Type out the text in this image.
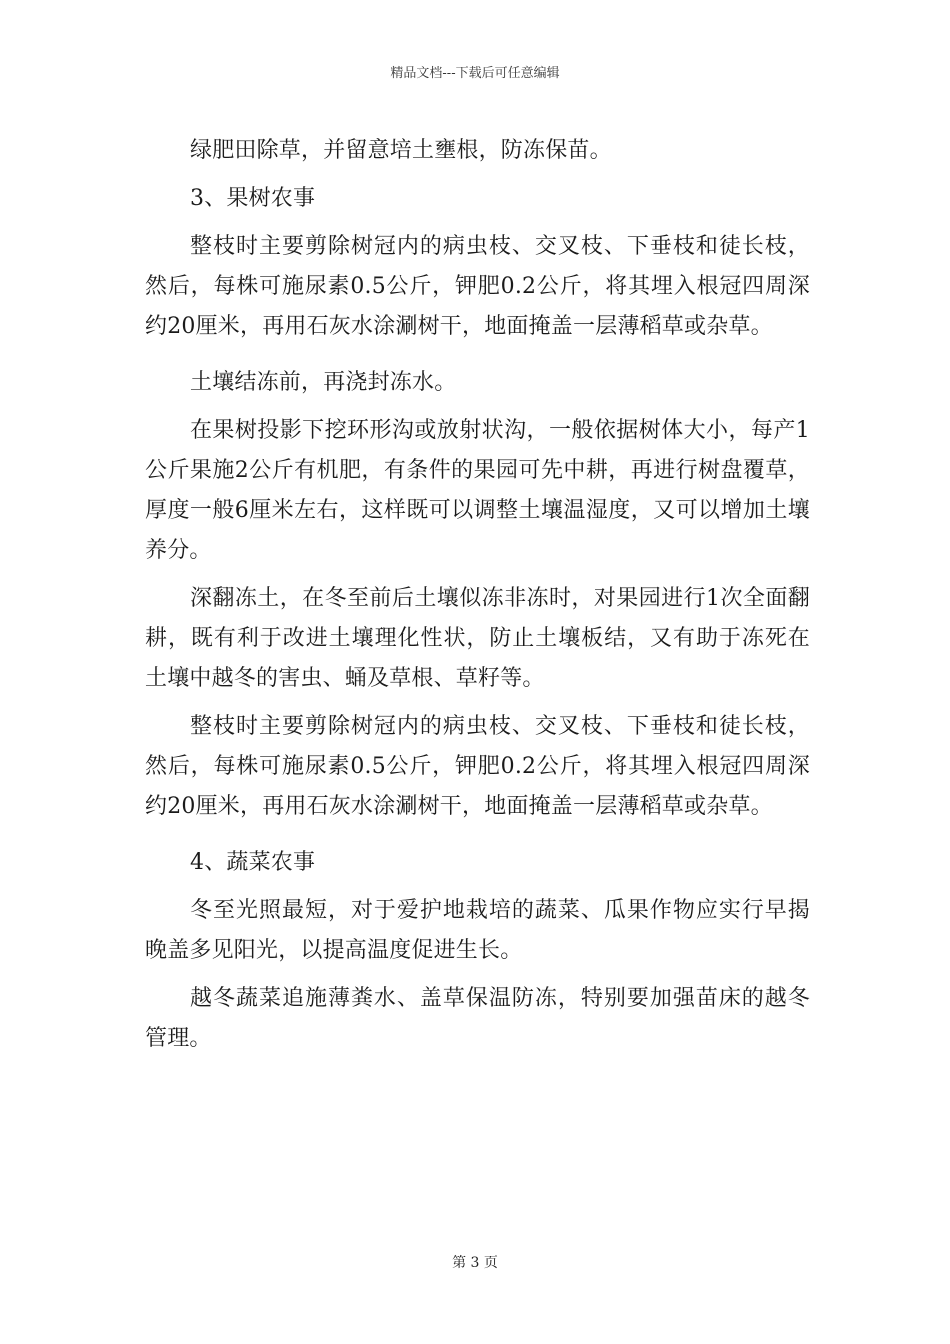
精品文档---下载后可任意编辑

绿肥田除草，并留意培土壅根，防冻保苗。

3、果树农事

整枝时主要剪除树冠内的病虫枝、交叉枝、下垂枝和徒长枝，然后，每株可施尿素0.5公斤，钾肥0.2公斤，将其埋入根冠四周深约20厘米，再用石灰水涂涮树干，地面掩盖一层薄稻草或杂草。

土壤结冻前，再浇封冻水。

在果树投影下挖环形沟或放射状沟，一般依据树体大小，每产1公斤果施2公斤有机肥，有条件的果园可先中耕，再进行树盘覆草，厚度一般6厘米左右，这样既可以调整土壤温湿度，又可以增加土壤养分。

深翻冻土，在冬至前后土壤似冻非冻时，对果园进行1次全面翻耕，既有利于改进土壤理化性状，防止土壤板结，又有助于冻死在土壤中越冬的害虫、蛹及草根、草籽等。

整枝时主要剪除树冠内的病虫枝、交叉枝、下垂枝和徒长枝，然后，每株可施尿素0.5公斤，钾肥0.2公斤，将其埋入根冠四周深约20厘米，再用石灰水涂涮树干，地面掩盖一层薄稻草或杂草。

4、蔬菜农事

冬至光照最短，对于爱护地栽培的蔬菜、瓜果作物应实行早揭晚盖多见阳光，以提高温度促进生长。

越冬蔬菜追施薄粪水、盖草保温防冻，特别要加强苗床的越冬管理。

第 3 页
